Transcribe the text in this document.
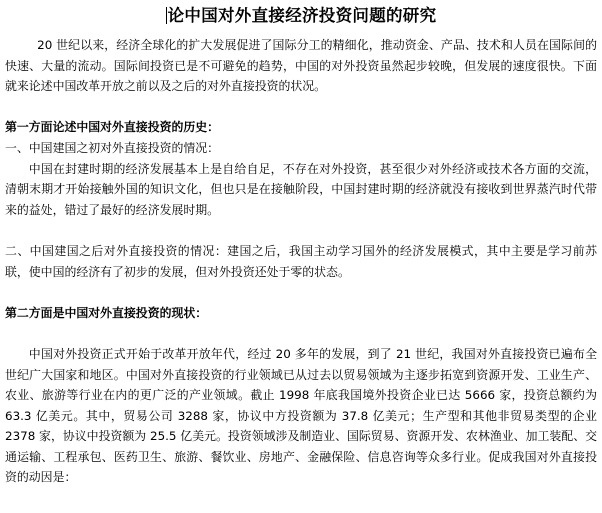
论中国对外直接经济投资问题的研究

20 世纪以来，经济全球化的扩大发展促进了国际分工的精细化，推动资金、产品、技术和人员在国际间的快速、大量的流动。国际间投资已是不可避免的趋势，中国的对外投资虽然起步较晚，但发展的速度很快。下面就来论述中国改革开放之前以及之后的对外直接投资的状况。

第一方面论述中国对外直接投资的历史：

一、中国建国之初对外直接投资的情况：

中国在封建时期的经济发展基本上是自给自足，不存在对外投资，甚至很少对外经济或技术各方面的交流，清朝末期才开始接触外国的知识文化，但也只是在接触阶段，中国封建时期的经济就没有接收到世界蒸汽时代带来的益处，错过了最好的经济发展时期。

二、中国建国之后对外直接投资的情况：建国之后，我国主动学习国外的经济发展模式，其中主要是学习前苏联，使中国的经济有了初步的发展，但对外投资还处于零的状态。

第二方面是中国对外直接投资的现状：

中国对外投资正式开始于改革开放年代，经过 20 多年的发展，到了 21 世纪，我国对外直接投资已遍布全世纪广大国家和地区。中国对外直接投资的行业领域已从过去以贸易领域为主逐步拓宽到资源开发、工业生产、农业、旅游等行业在内的更广泛的产业领域。截止 1998 年底我国境外投资企业已达 5666 家，投资总额约为 63.3 亿美元。其中，贸易公司 3288 家，协议中方投资额为 37.8 亿美元；生产型和其他非贸易类型的企业 2378 家，协议中投资额为 25.5 亿美元。投资领域涉及制造业、国际贸易、资源开发、农林渔业、加工装配、交通运输、工程承包、医药卫生、旅游、餐饮业、房地产、金融保险、信息咨询等众多行业。促成我国对外直接投资的动因是：
